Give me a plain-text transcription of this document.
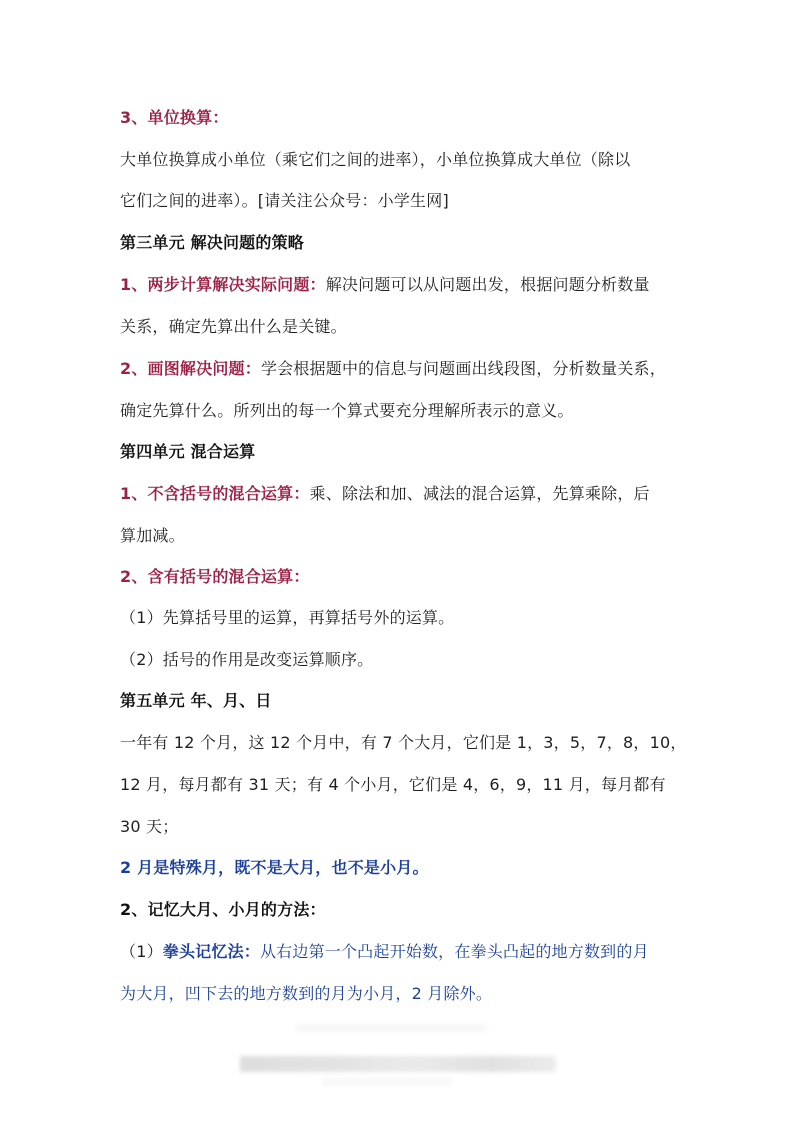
3、单位换算：
大单位换算成小单位（乘它们之间的进率），小单位换算成大单位（除以
它们之间的进率）。[请关注公众号：小学生网]
第三单元 解决问题的策略
1、两步计算解决实际问题：解决问题可以从问题出发，根据问题分析数量
关系，确定先算出什么是关键。
2、画图解决问题：学会根据题中的信息与问题画出线段图，分析数量关系，
确定先算什么。所列出的每一个算式要充分理解所表示的意义。
第四单元 混合运算
1、不含括号的混合运算：乘、除法和加、减法的混合运算，先算乘除，后
算加减。
2、含有括号的混合运算：
（1）先算括号里的运算，再算括号外的运算。
（2）括号的作用是改变运算顺序。
第五单元 年、月、日
一年有 12 个月，这 12 个月中，有 7 个大月，它们是 1，3，5，7，8，10，
12 月，每月都有 31 天；有 4 个小月，它们是 4，6，9，11 月，每月都有
30 天；
2 月是特殊月，既不是大月，也不是小月。
2、记忆大月、小月的方法：
（1）拳头记忆法：从右边第一个凸起开始数，在拳头凸起的地方数到的月
为大月，凹下去的地方数到的月为小月，2 月除外。
